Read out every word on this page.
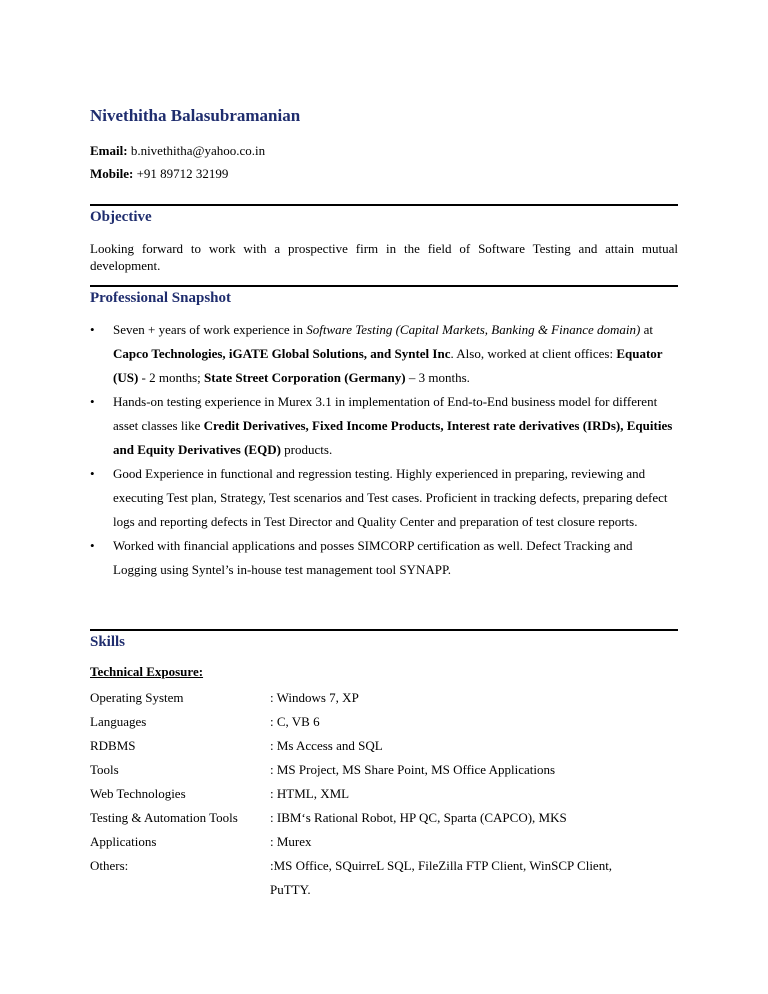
Nivethitha Balasubramanian
Email: b.nivethitha@yahoo.co.in
Mobile: +91 89712 32199
Objective
Looking forward to work with a prospective firm in the field of Software Testing and attain mutual development.
Professional Snapshot
• Seven + years of work experience in Software Testing (Capital Markets, Banking & Finance domain) at Capco Technologies, iGATE Global Solutions, and Syntel Inc. Also, worked at client offices: Equator (US) - 2 months; State Street Corporation (Germany) – 3 months.
• Hands-on testing experience in Murex 3.1 in implementation of End-to-End business model for different asset classes like Credit Derivatives, Fixed Income Products, Interest rate derivatives (IRDs), Equities and Equity Derivatives (EQD) products.
• Good Experience in functional and regression testing. Highly experienced in preparing, reviewing and executing Test plan, Strategy, Test scenarios and Test cases. Proficient in tracking defects, preparing defect logs and reporting defects in Test Director and Quality Center and preparation of test closure reports.
• Worked with financial applications and posses SIMCORP certification as well. Defect Tracking and Logging using Syntel’s in-house test management tool SYNAPP.
Skills
Technical Exposure:
Operating System	: Windows 7, XP
Languages	: C, VB 6
RDBMS	: Ms Access and SQL
Tools	: MS Project, MS Share Point, MS Office Applications
Web Technologies	: HTML, XML
Testing & Automation Tools : IBM‘s Rational Robot, HP QC, Sparta (CAPCO), MKS
Applications	: Murex
Others:	:MS Office, SQuirreL SQL, FileZilla FTP Client, WinSCP Client,
PuTTY.
